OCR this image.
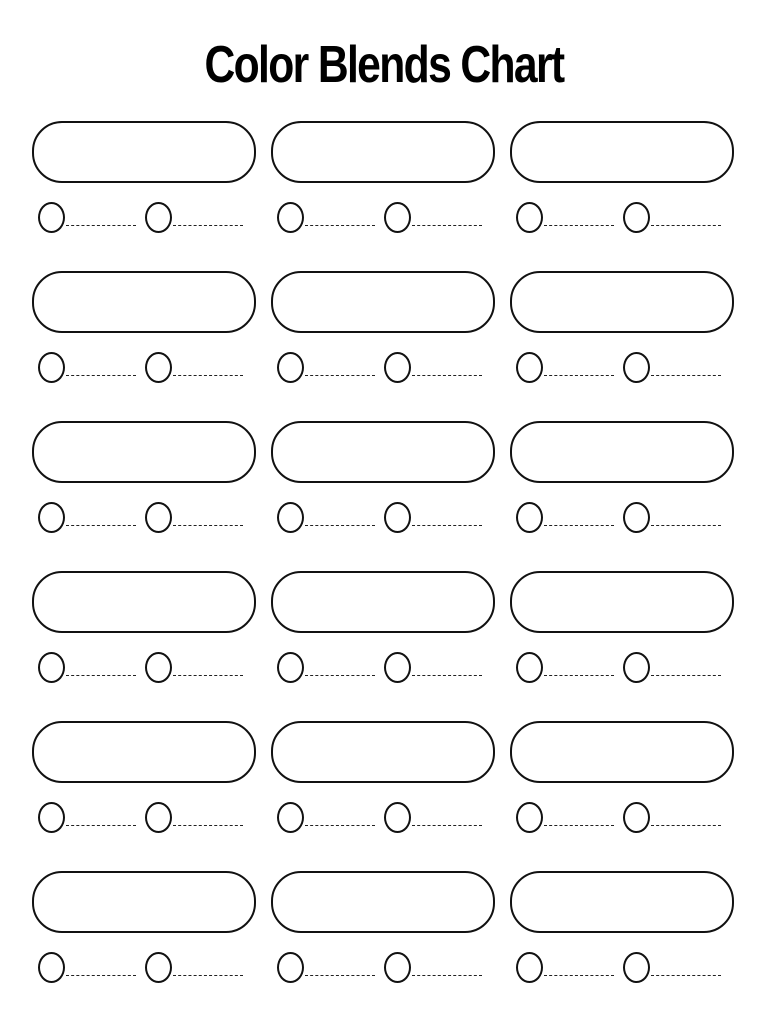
Color Blends Chart
